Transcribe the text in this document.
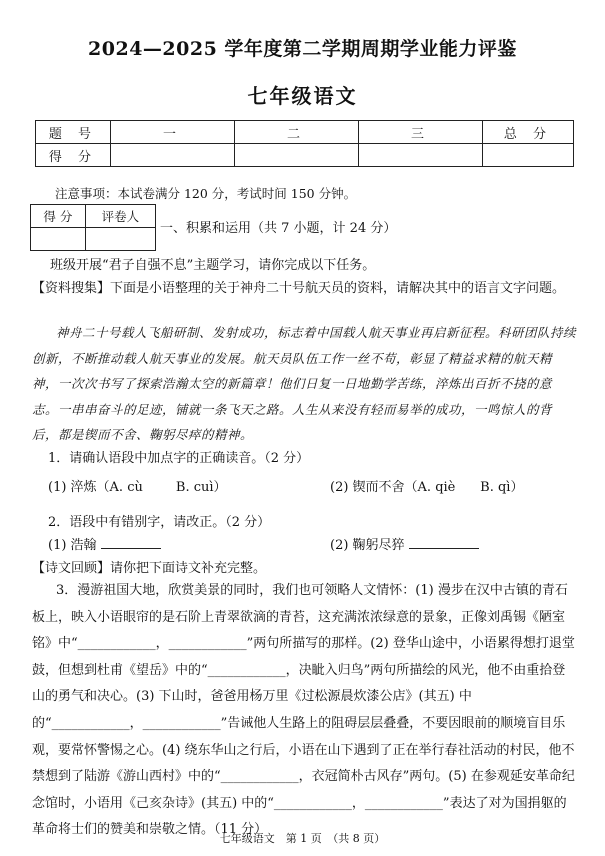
2024—2025 学年度第二学期周期学业能力评鉴
七年级语文
题 号	一	二	三	总 分
得 分				
注意事项：本试卷满分 120 分，考试时间 150 分钟。
得 分	评卷人

一、积累和运用（共 7 小题，计 24 分）
班级开展“君子自强不息”主题学习，请你完成以下任务。
【资料搜集】下面是小语整理的关于神舟二十号航天员的资料，请解决其中的语言文字问题。
神舟二十号载人飞船研制、发射成功，标志着中国载人航天事业再启新征程。科研团队持续创新，不断推动载人航天事业的发展。航天员队伍工作一丝不苟，彰显了精益求精的航天精神，一次次书写了探索浩瀚太空的新篇章！他们日复一日地勤学苦练，淬炼出百折不挠的意志。一串串奋斗的足迹，铺就一条飞天之路。人生从来没有轻而易举的成功，一鸣惊人的背后，都是锲而不舍、鞠躬尽瘁的精神。
1．请确认语段中加点字的正确读音。（2 分）
(1) 淬炼（A. cù        B. cuì）	(2) 锲而不舍（A. qiè      B. qì）
2．语段中有错别字，请改正。（2 分）
(1) 浩翰	(2) 鞠躬尽猝
【诗文回顾】请你把下面诗文补充完整。
3．漫游祖国大地，欣赏美景的同时，我们也可领略人文情怀：(1) 漫步在汉中古镇的青石板上，映入小语眼帘的是石阶上青翠欲滴的青苔，这充满浓浓绿意的景象，正像刘禹锡《陋室铭》中“____________，____________”两句所描写的那样。(2) 登华山途中，小语累得想打退堂鼓，但想到杜甫《望岳》中的“____________，决眦入归鸟”两句所描绘的风光，他不由重拾登山的勇气和决心。(3) 下山时，爸爸用杨万里《过松源晨炊漆公店》(其五) 中的“____________，____________”告诫他人生路上的阻碍层层叠叠，不要因眼前的顺境盲目乐观，要常怀警惕之心。(4) 绕东华山之行后，小语在山下遇到了正在举行春社活动的村民，他不禁想到了陆游《游山西村》中的“____________，衣冠简朴古风存”两句。(5) 在参观延安革命纪念馆时，小语用《己亥杂诗》(其五) 中的“____________，____________”表达了对为国捐躯的革命将士们的赞美和崇敬之情。（11 分）
七年级语文　第 1 页　（共 8 页）
